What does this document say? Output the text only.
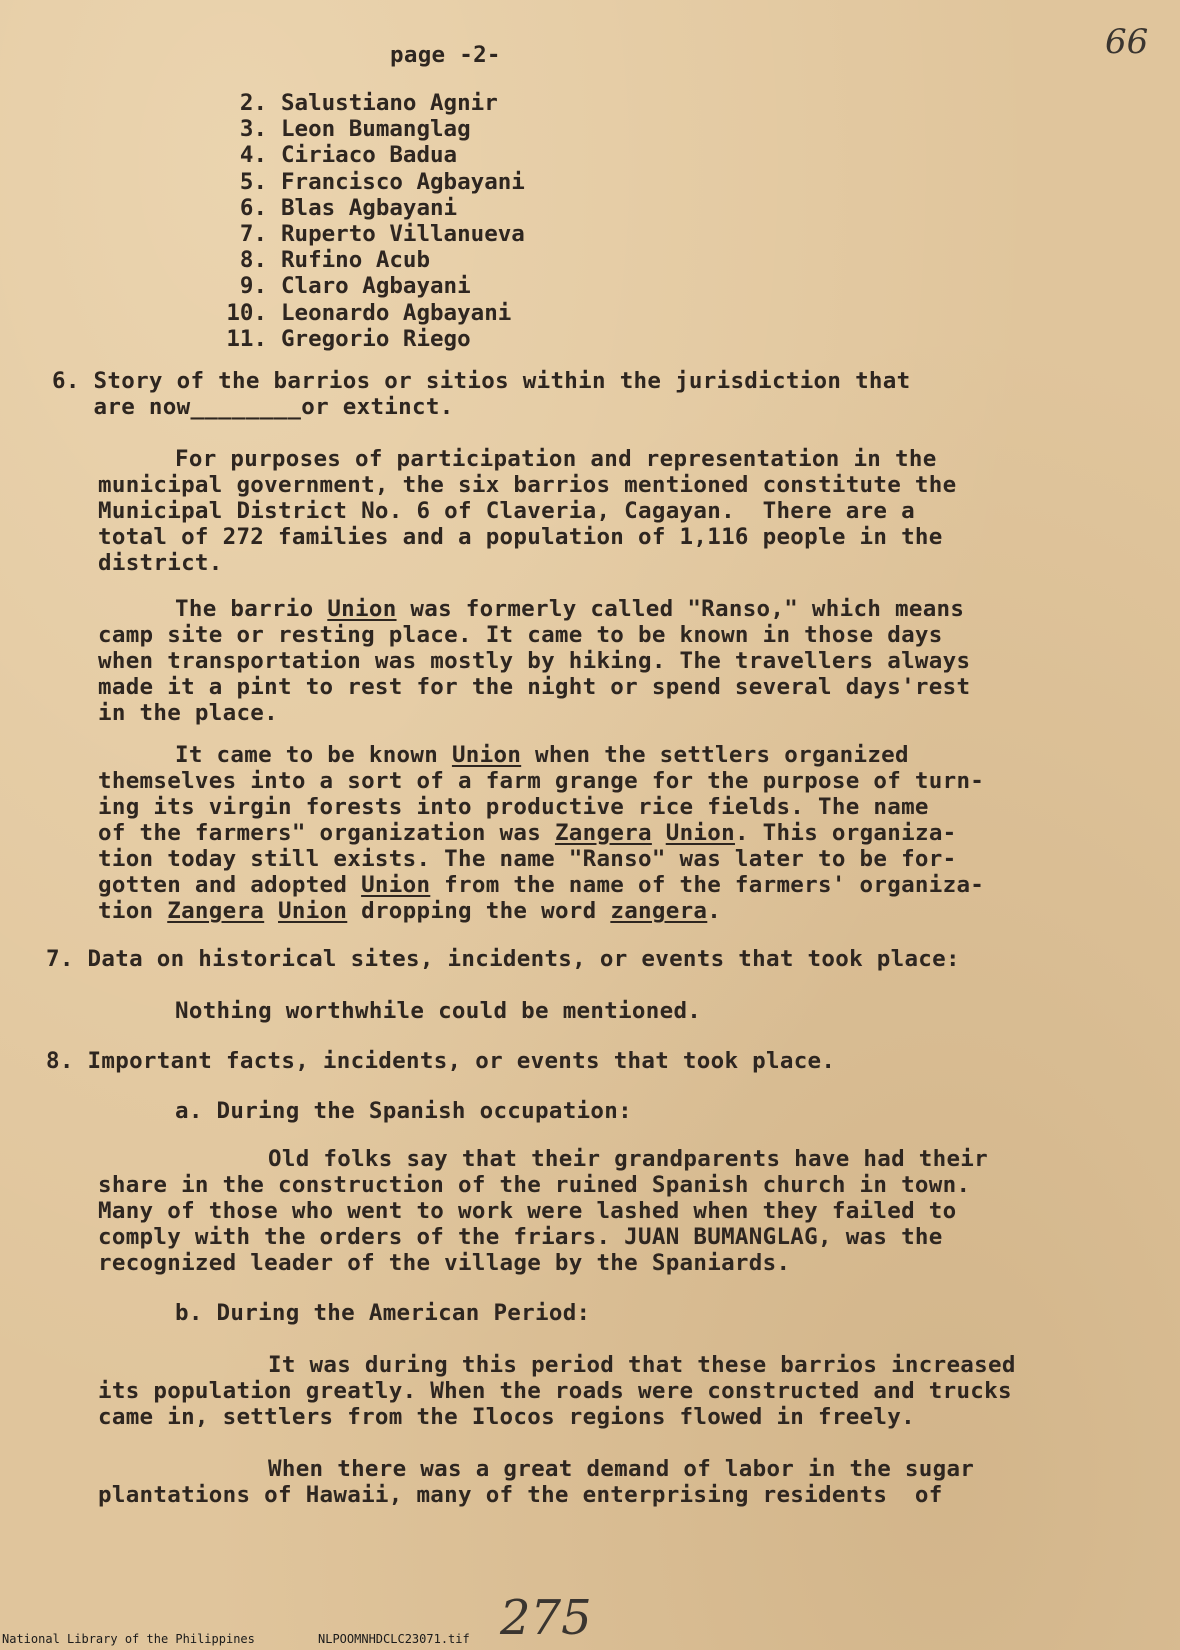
page -2-	66
2. Salustiano Agnir
3. Leon Bumanglag
4. Ciriaco Badua
5. Francisco Agbayani
6. Blas Agbayani
7. Ruperto Villanueva
8. Rufino Acub
9. Claro Agbayani
10. Leonardo Agbayani
11. Gregorio Riego
6. Story of the barrios or sitios within the jurisdiction that
are now________or extinct.
For purposes of participation and representation in the
municipal government, the six barrios mentioned constitute the
Municipal District No. 6 of Claveria, Cagayan.  There are a
total of 272 families and a population of 1,116 people in the
district.
The barrio Union was formerly called "Ranso," which means
camp site or resting place. It came to be known in those days
when transportation was mostly by hiking. The travellers always
made it a pint to rest for the night or spend several days'rest
in the place.
It came to be known Union when the settlers organized
themselves into a sort of a farm grange for the purpose of turn-
ing its virgin forests into productive rice fields. The name
of the farmers" organization was Zangera Union. This organiza-
tion today still exists. The name "Ranso" was later to be for-
gotten and adopted Union from the name of the farmers' organiza-
tion Zangera Union dropping the word zangera.
7. Data on historical sites, incidents, or events that took place:
Nothing worthwhile could be mentioned.
8. Important facts, incidents, or events that took place.
a. During the Spanish occupation:
Old folks say that their grandparents have had their
share in the construction of the ruined Spanish church in town.
Many of those who went to work were lashed when they failed to
comply with the orders of the friars. JUAN BUMANGLAG, was the
recognized leader of the village by the Spaniards.
b. During the American Period:
It was during this period that these barrios increased
its population greatly. When the roads were constructed and trucks
came in, settlers from the Ilocos regions flowed in freely.
When there was a great demand of labor in the sugar
plantations of Hawaii, many of the enterprising residents  of
275
National Library of the Philippines	NLPOOMNHDCLC23071.tif
